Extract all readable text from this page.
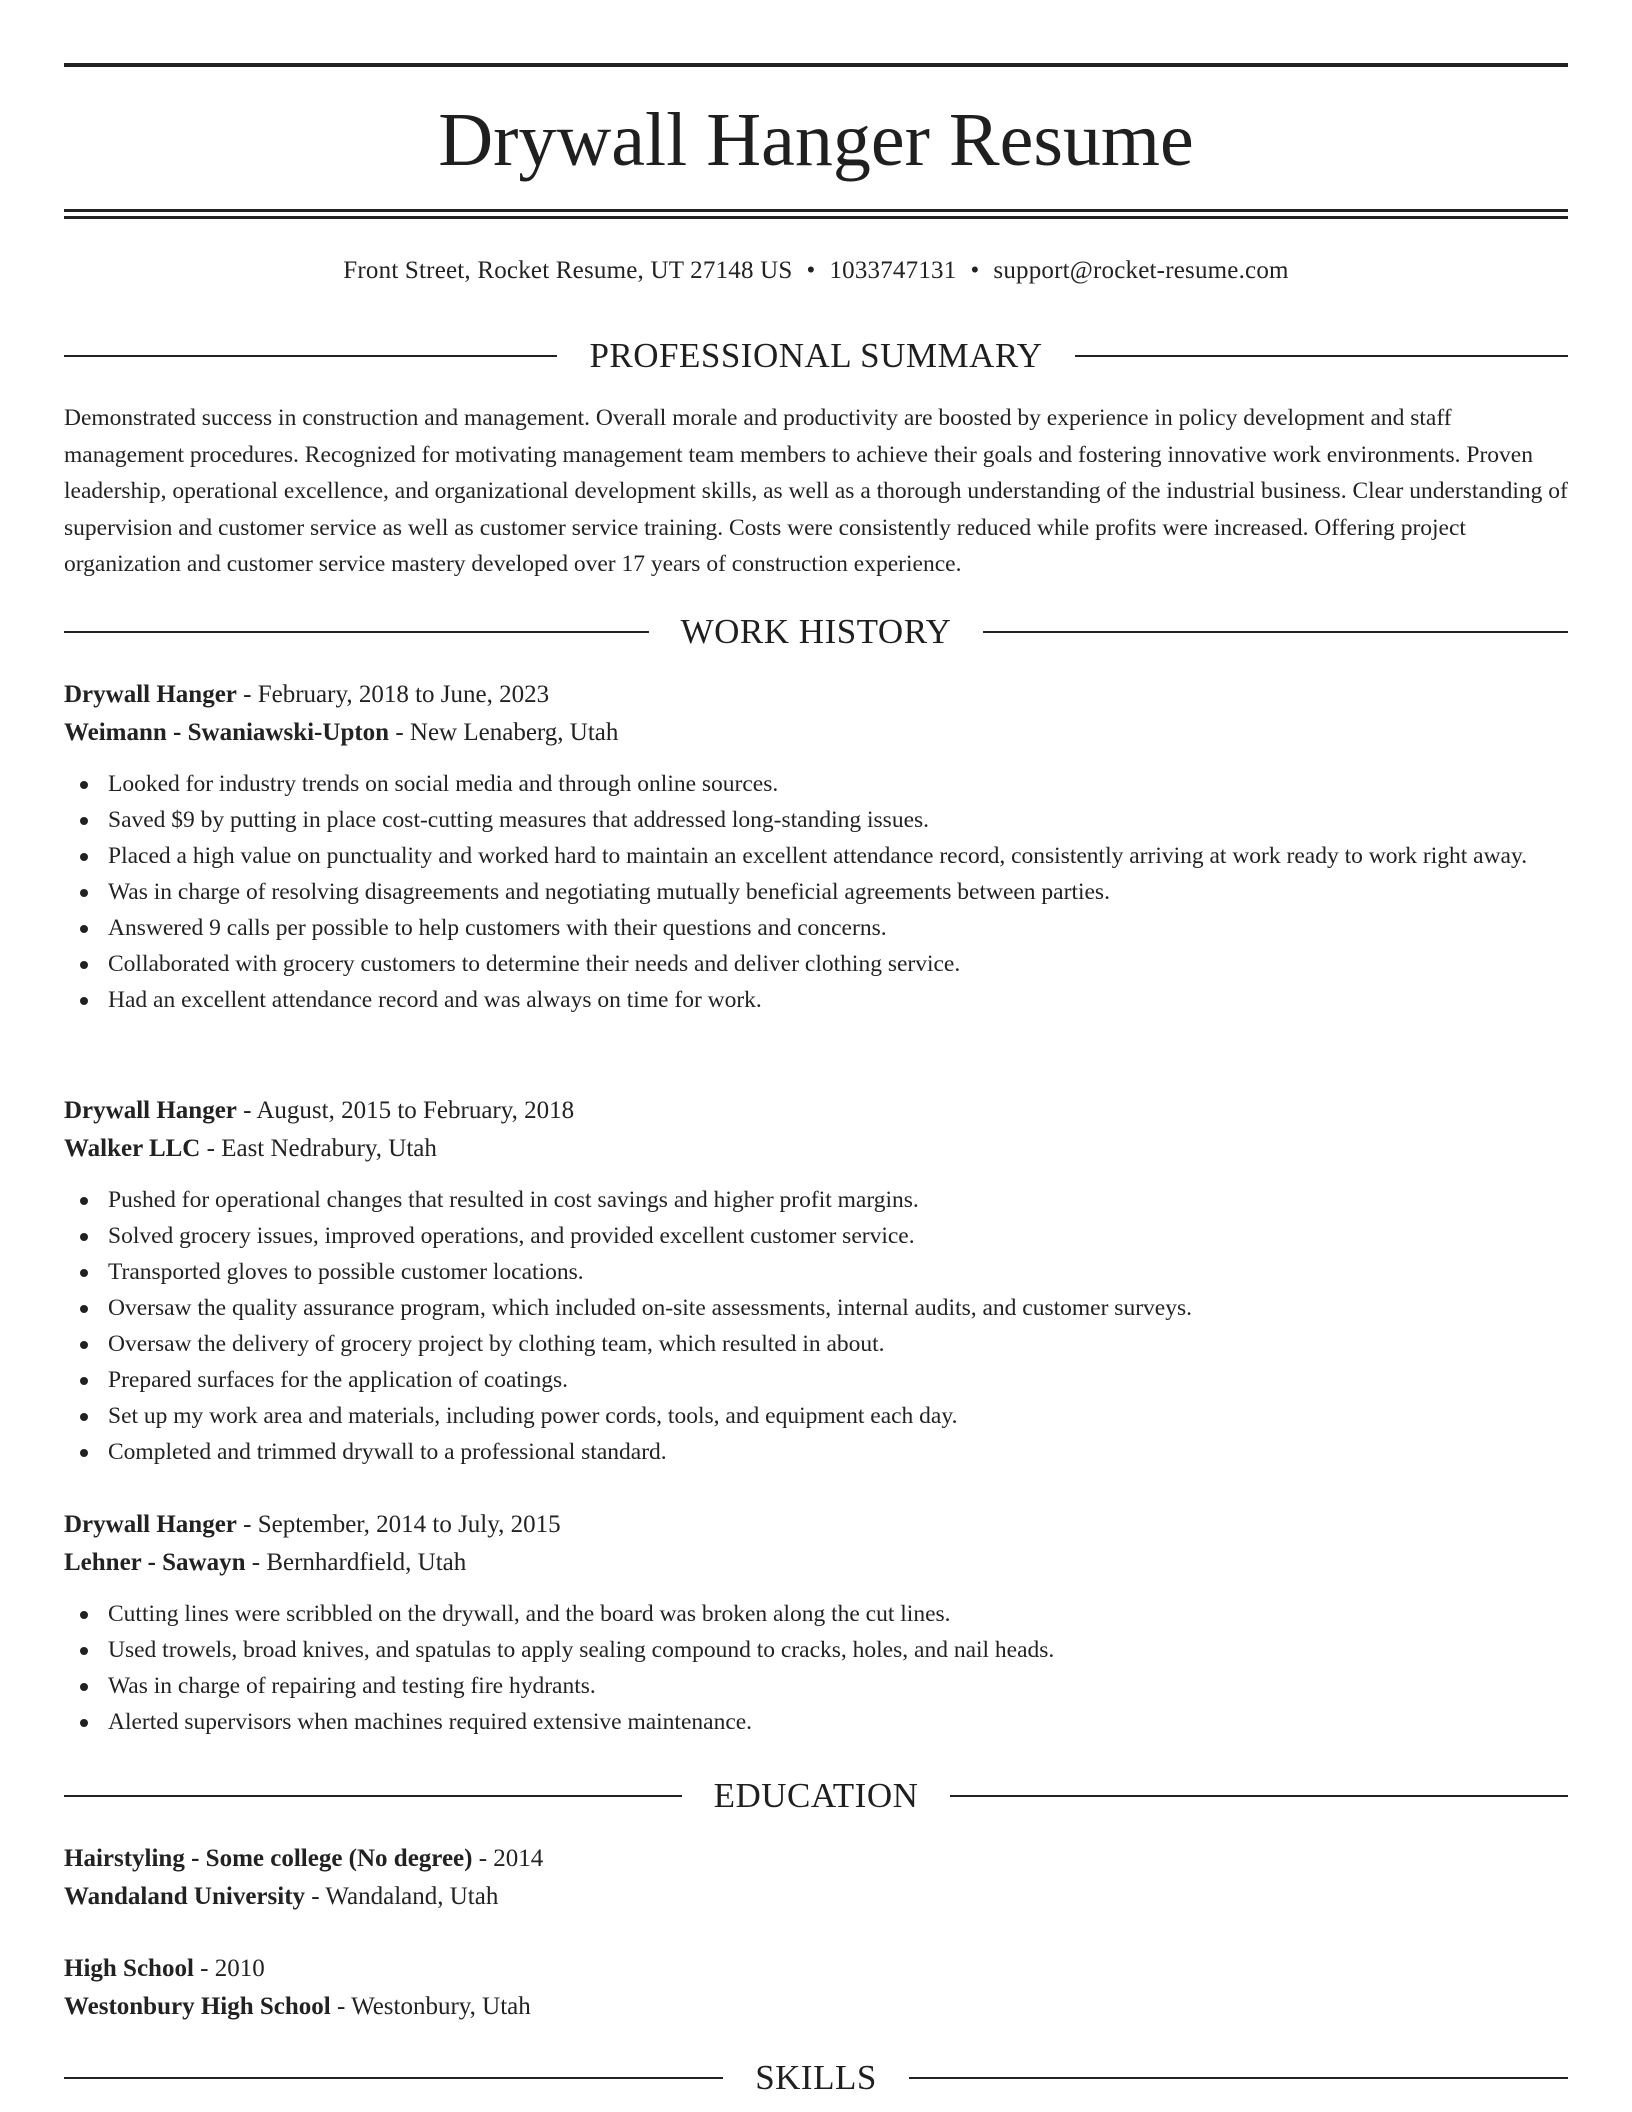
Drywall Hanger Resume
Front Street, Rocket Resume, UT 27148 US • 1033747131 • support@rocket-resume.com
PROFESSIONAL SUMMARY

Demonstrated success in construction and management. Overall morale and productivity are boosted by experience in policy development and staff management procedures. Recognized for motivating management team members to achieve their goals and fostering innovative work environments. Proven leadership, operational excellence, and organizational development skills, as well as a thorough understanding of the industrial business. Clear understanding of supervision and customer service as well as customer service training. Costs were consistently reduced while profits were increased. Offering project organization and customer service mastery developed over 17 years of construction experience.

WORK HISTORY
Drywall Hanger - February, 2018 to June, 2023
Weimann - Swaniawski-Upton - New Lenaberg, Utah
Looked for industry trends on social media and through online sources.
Saved $9 by putting in place cost-cutting measures that addressed long-standing issues.
Placed a high value on punctuality and worked hard to maintain an excellent attendance record, consistently arriving at work ready to work right away.
Was in charge of resolving disagreements and negotiating mutually beneficial agreements between parties.
Answered 9 calls per possible to help customers with their questions and concerns.
Collaborated with grocery customers to determine their needs and deliver clothing service.
Had an excellent attendance record and was always on time for work.
Drywall Hanger - August, 2015 to February, 2018
Walker LLC - East Nedrabury, Utah
Pushed for operational changes that resulted in cost savings and higher profit margins.
Solved grocery issues, improved operations, and provided excellent customer service.
Transported gloves to possible customer locations.
Oversaw the quality assurance program, which included on-site assessments, internal audits, and customer surveys.
Oversaw the delivery of grocery project by clothing team, which resulted in about.
Prepared surfaces for the application of coatings.
Set up my work area and materials, including power cords, tools, and equipment each day.
Completed and trimmed drywall to a professional standard.
Drywall Hanger - September, 2014 to July, 2015
Lehner - Sawayn - Bernhardfield, Utah
Cutting lines were scribbled on the drywall, and the board was broken along the cut lines.
Used trowels, broad knives, and spatulas to apply sealing compound to cracks, holes, and nail heads.
Was in charge of repairing and testing fire hydrants.
Alerted supervisors when machines required extensive maintenance.
EDUCATION
Hairstyling - Some college (No degree) - 2014
Wandaland University - Wandaland, Utah
High School - 2010
Westonbury High School - Westonbury, Utah
SKILLS
